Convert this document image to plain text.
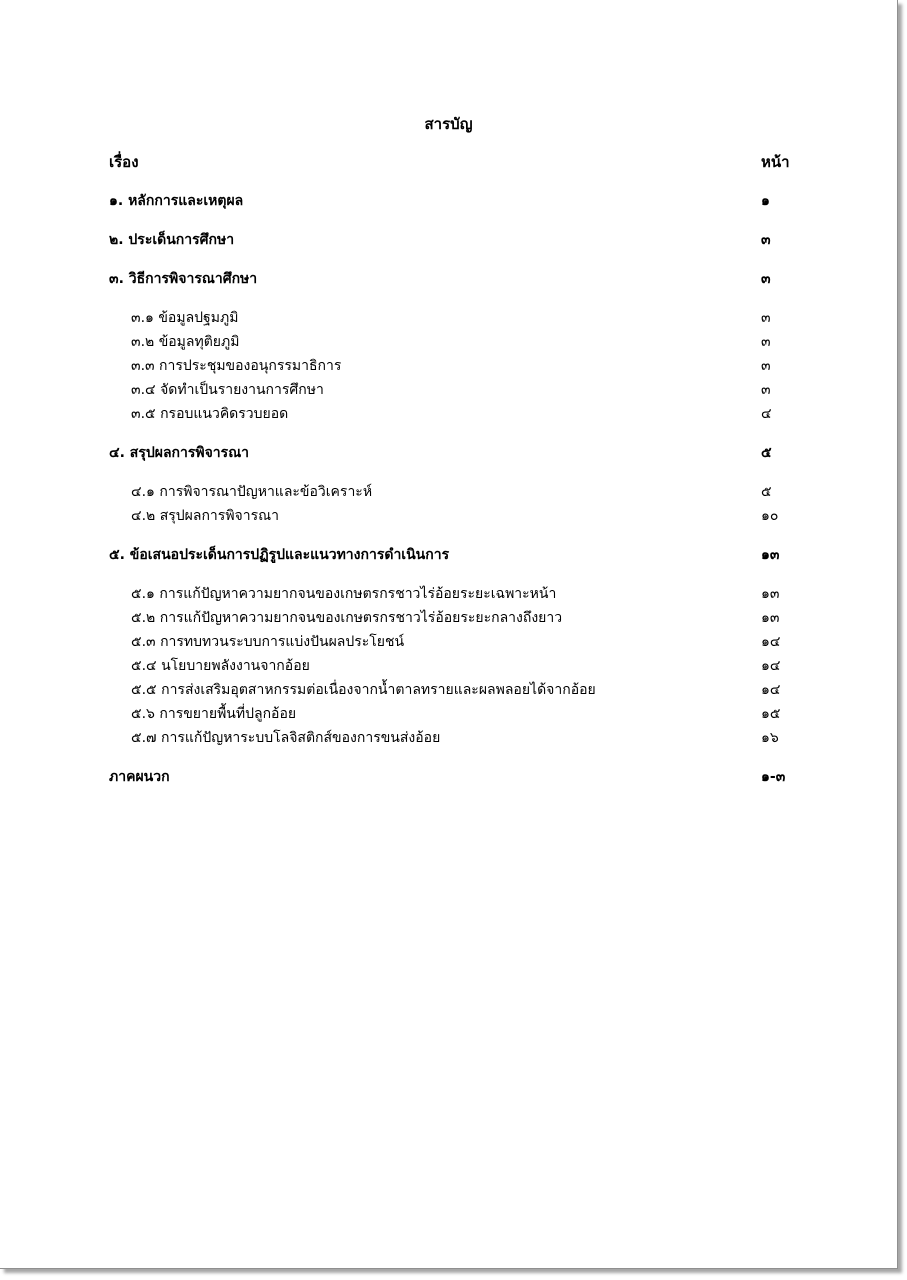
สารบัญ
เรื่อง	หน้า
๑. หลักการและเหตุผล	๑
๒. ประเด็นการศึกษา	๓
๓. วิธีการพิจารณาศึกษา	๓
๓.๑ ข้อมูลปฐมภูมิ	๓
๓.๒ ข้อมูลทุติยภูมิ	๓
๓.๓ การประชุมของอนุกรรมาธิการ	๓
๓.๔ จัดทำเป็นรายงานการศึกษา	๓
๓.๕ กรอบแนวคิดรวบยอด	๔
๔. สรุปผลการพิจารณา	๕
๔.๑ การพิจารณาปัญหาและข้อวิเคราะห์	๕
๔.๒ สรุปผลการพิจารณา	๑๐
๕. ข้อเสนอประเด็นการปฏิรูปและแนวทางการดำเนินการ	๑๓
๕.๑ การแก้ปัญหาความยากจนของเกษตรกรชาวไร่อ้อยระยะเฉพาะหน้า	๑๓
๕.๒ การแก้ปัญหาความยากจนของเกษตรกรชาวไร่อ้อยระยะกลางถึงยาว	๑๓
๕.๓ การทบทวนระบบการแบ่งปันผลประโยชน์	๑๔
๕.๔ นโยบายพลังงานจากอ้อย	๑๔
๕.๕ การส่งเสริมอุตสาหกรรมต่อเนื่องจากน้ำตาลทรายและผลพลอยได้จากอ้อย	๑๔
๕.๖ การขยายพื้นที่ปลูกอ้อย	๑๕
๕.๗ การแก้ปัญหาระบบโลจิสติกส์ของการขนส่งอ้อย	๑๖
ภาคผนวก	๑-๓
